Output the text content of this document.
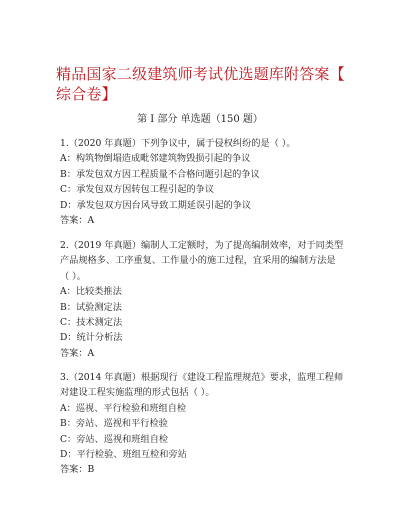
精品国家二级建筑师考试优选题库附答案【
综合卷】
第 I 部分 单选题（150 题）
1.（2020 年真题）下列争议中，属于侵权纠纷的是（ ）。
A：构筑物倒塌造成毗邻建筑物毁损引起的争议
B：承发包双方因工程质量不合格问题引起的争议
C：承发包双方因转包工程引起的争议
D：承发包双方因台风导致工期延误引起的争议
答案：A
2.（2019 年真题）编制人工定额时，为了提高编制效率，对于同类型
产品规格多、工序重复、工作量小的施工过程，宜采用的编制方法是
（ ）。
A：比较类推法
B：试验测定法
C：技术测定法
D：统计分析法
答案：A
3.（2014 年真题）根据现行《建设工程监理规范》要求，监理工程师
对建设工程实施监理的形式包括（ ）。
A：巡视、平行检验和班组自检
B：旁站、巡视和平行检验
C：旁站、巡视和班组自检
D：平行检验、班组互检和旁站
答案：B
